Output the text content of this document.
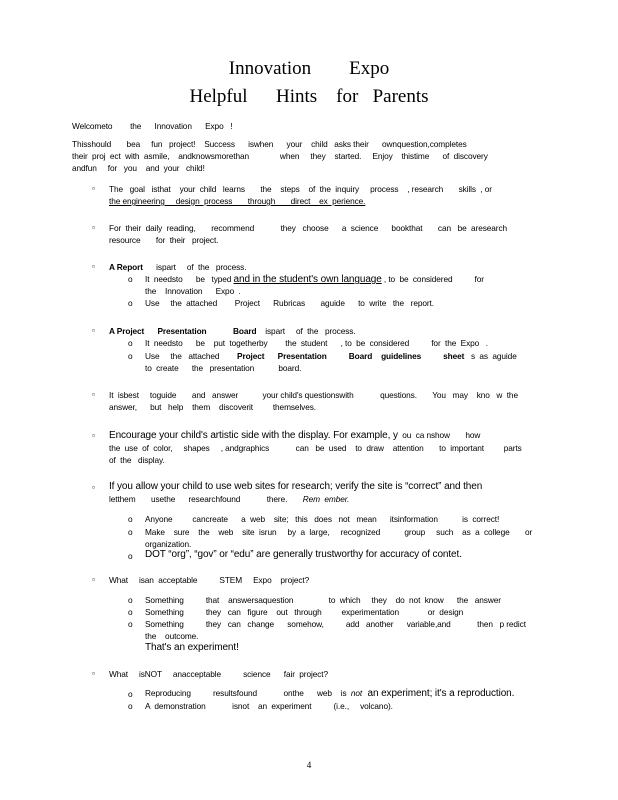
Innovation        Expo
Helpful      Hints    for   Parents
Welcometo        the      Innovation      Expo   !
Thisshould       bea     fun   project!    Success      iswhen      your    child   asks their      ownquestion,completes
their  proj  ect  with  asmile,    andknowsmorethan              when     they    started.     Enjoy    thistime      of  discovery
andfun     for   you    and  your   child!
▫ The   goal   isthat    your  child   learns       the    steps    of  the  inquiry     process    , research       skills  , or
the engineering     design  process       through       direct    ex  perience.
▫ For  their  daily  reading,       recommend            they   choose      a  science      bookthat       can   be  aresearch
resource       for  their   project.
▫ A Report      ispart     of  the   process.
o It  needsto      be   typed and in the student's own language , to  be  considered          for
the    Innovation      Expo  .
o Use     the  attached        Project      Rubricas       aguide      to  write   the   report.
▫ A Project      Presentation            Board    ispart     of  the   process.
o It  needsto      be    put  togetherby        the  student      , to  be  considered          for  the  Expo   .
o Use     the   attached        Project      Presentation          Board    guidelines          sheet   s  as  aguide
to  create      the   presentation           board.
▫ It  isbest     toguide       and   answer           your child's questionswith            questions.       You   may    kno   w  the
answer,      but   help    them    discoverit         themselves.
▫ Encourage your child's artistic side with the display. For example, y  ou  ca nshow       how
the  use  of  color,     shapes     , andgraphics            can   be  used    to  draw    attention       to  important         parts
of  the   display.
▫ If you allow your child to use web sites for research; verify the site is “correct” and then
letthem       usethe      researchfound            there.       Rem  ember.
o Anyone         cancreate      a  web    site;   this   does   not   mean      itsinformation           is  correct!
o Make    sure    the    web    site  isrun     by  a  large,     recognized           group     such    as  a  college       or
organization.
o DOT “org”, “gov” or “edu” are generally trustworthy for accuracy of contet.
▫ What     isan  acceptable          STEM     Expo    project?
o Something          that    answersaquestion                to  which     they    do  not  know      the   answer
o Something          they   can   figure    out   through         experimentation             or  design
o Something          they   can   change      somehow,          add   another      variable,and            then   p redict
the    outcome.
That's an experiment!
▫ What     isNOT     anacceptable          science      fair  project?
o Reproducing          resultsfound            onthe      web    is  not  an experiment; it's a reproduction.
o A  demonstration            isnot    an  experiment          (i.e.,     volcano).
4
